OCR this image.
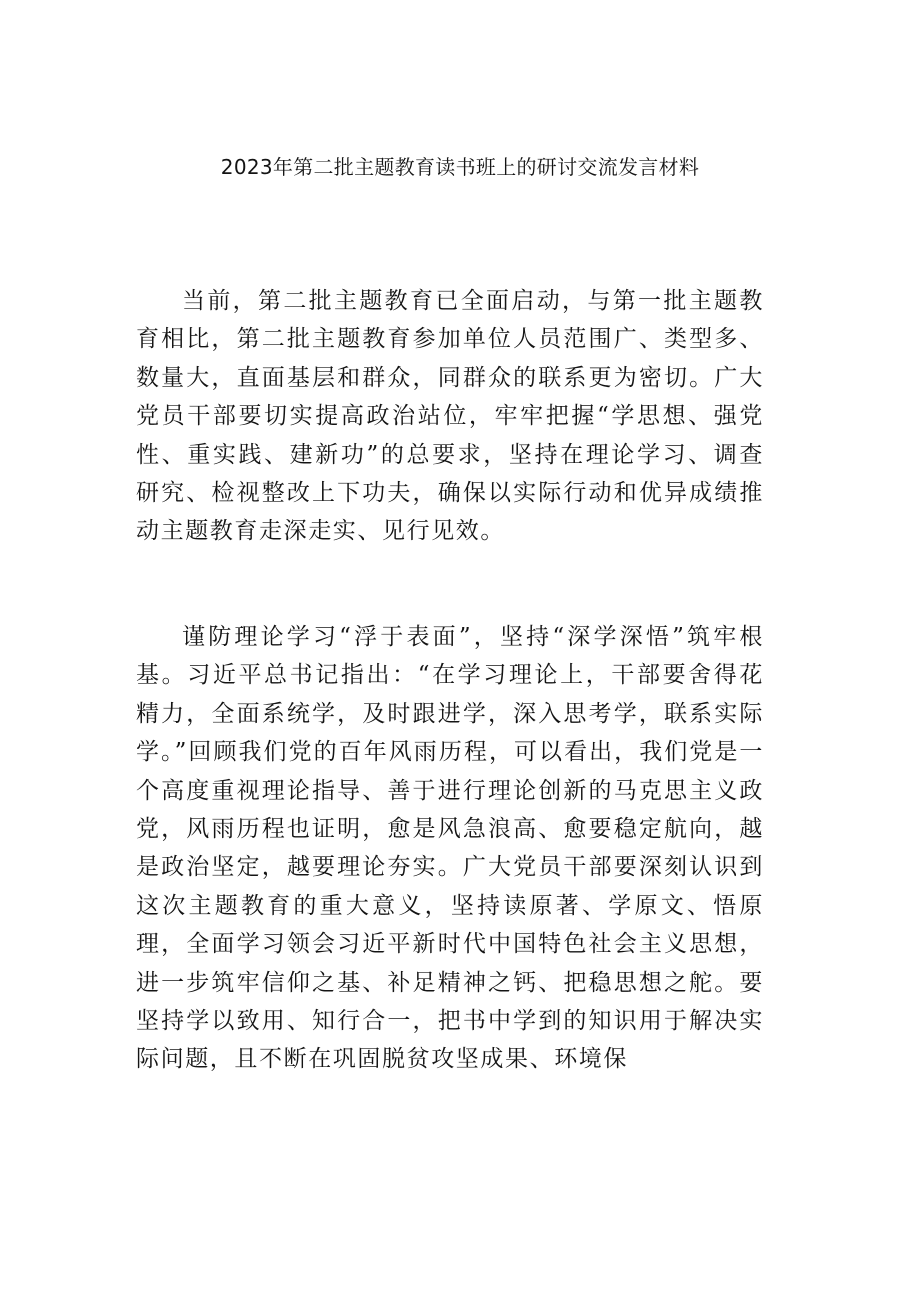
2023年第二批主题教育读书班上的研讨交流发言材料

当前，第二批主题教育已全面启动，与第一批主题教育相比，第二批主题教育参加单位人员范围广、类型多、数量大，直面基层和群众，同群众的联系更为密切。广大党员干部要切实提高政治站位，牢牢把握“学思想、强党性、重实践、建新功”的总要求，坚持在理论学习、调查研究、检视整改上下功夫，确保以实际行动和优异成绩推动主题教育走深走实、见行见效。

谨防理论学习“浮于表面”，坚持“深学深悟”筑牢根基。习近平总书记指出：“在学习理论上，干部要舍得花精力，全面系统学，及时跟进学，深入思考学，联系实际学。”回顾我们党的百年风雨历程，可以看出，我们党是一个高度重视理论指导、善于进行理论创新的马克思主义政党，风雨历程也证明，愈是风急浪高、愈要稳定航向，越是政治坚定，越要理论夯实。广大党员干部要深刻认识到这次主题教育的重大意义，坚持读原著、学原文、悟原理，全面学习领会习近平新时代中国特色社会主义思想，进一步筑牢信仰之基、补足精神之钙、把稳思想之舵。要坚持学以致用、知行合一，把书中学到的知识用于解决实际问题，且不断在巩固脱贫攻坚成果、环境保
